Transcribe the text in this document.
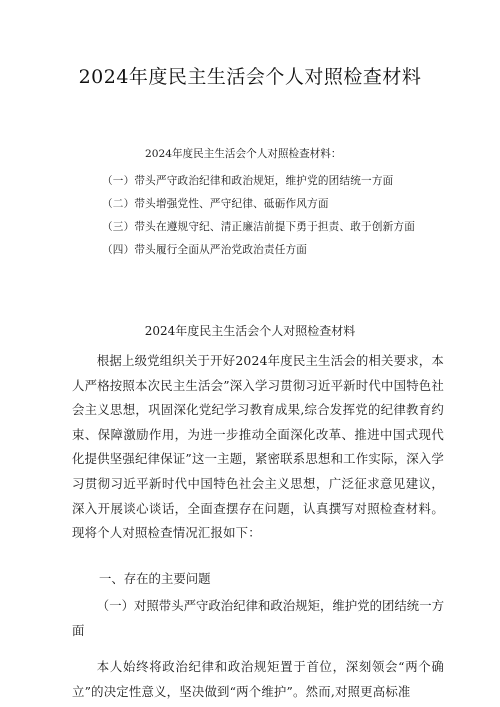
2024年度民主生活会个人对照检查材料
2024年度民主生活会个人对照检查材料：
（一）带头严守政治纪律和政治规矩，维护党的团结统一方面
（二）带头增强党性、严守纪律、砥砺作风方面
（三）带头在遵规守纪、清正廉洁前提下勇于担责、敢于创新方面
（四）带头履行全面从严治党政治责任方面
2024年度民主生活会个人对照检查材料
根据上级党组织关于开好2024年度民主生活会的相关要求，本人严格按照本次民主生活会”深入学习贯彻习近平新时代中国特色社会主义思想，巩固深化党纪学习教育成果,综合发挥党的纪律教育约束、保障激励作用，为进一步推动全面深化改革、推进中国式现代化提供坚强纪律保证”这一主题，紧密联系思想和工作实际，深入学习贯彻习近平新时代中国特色社会主义思想，广泛征求意见建议，深入开展谈心谈话，全面查摆存在问题，认真撰写对照检查材料。现将个人对照检查情况汇报如下：
一、存在的主要问题
（一）对照带头严守政治纪律和政治规矩，维护党的团结统一方面
本人始终将政治纪律和政治规矩置于首位，深刻领会“两个确立”的决定性意义，坚决做到“两个维护”。然而,对照更高标准
